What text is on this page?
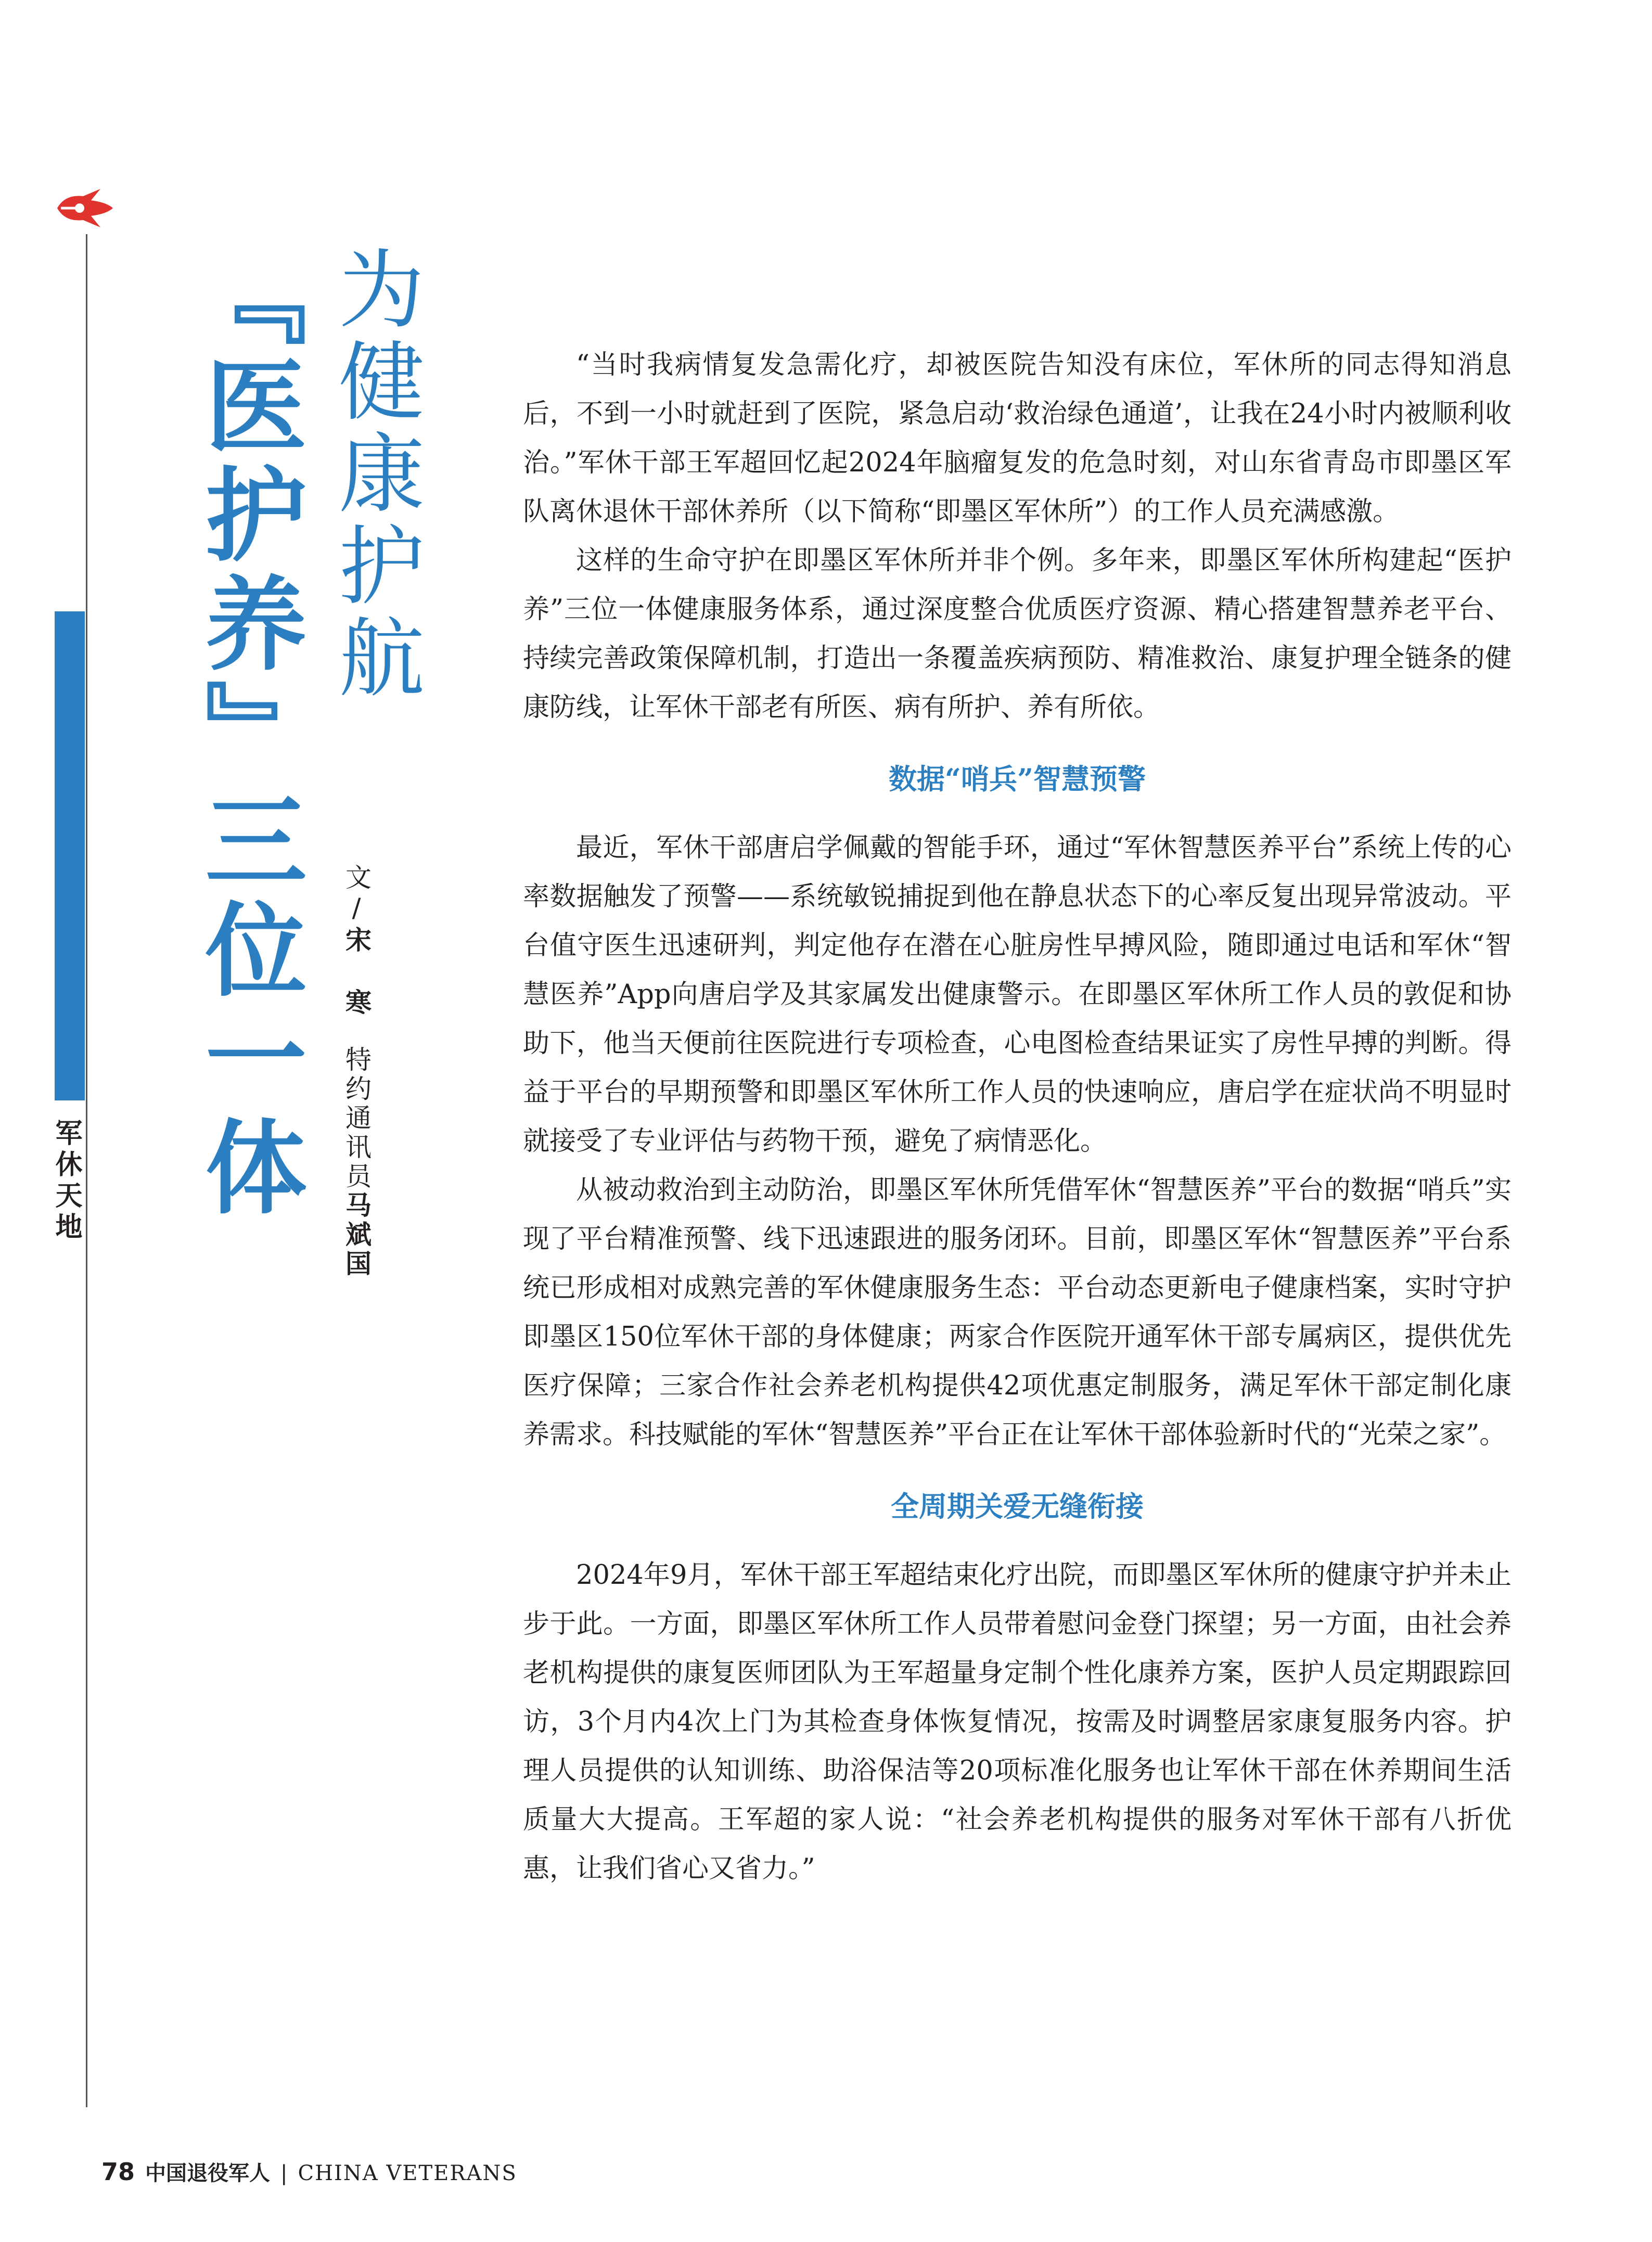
军休天地 『医护养』三位一体 为健康护航
文/宋 寒
特约通讯员马斌国

“当时我病情复发急需化疗，却被医院告知没有床位，军休所的同志得知消息后，不到一小时就赶到了医院，紧急启动‘救治绿色通道’，让我在24小时内被顺利收治。”军休干部王军超回忆起2024年脑瘤复发的危急时刻，对山东省青岛市即墨区军队离休退休干部休养所（以下简称“即墨区军休所”）的工作人员充满感激。

这样的生命守护在即墨区军休所并非个例。多年来，即墨区军休所构建起“医护养”三位一体健康服务体系，通过深度整合优质医疗资源、精心搭建智慧养老平台、持续完善政策保障机制，打造出一条覆盖疾病预防、精准救治、康复护理全链条的健康防线，让军休干部老有所医、病有所护、养有所依。

数据“哨兵”智慧预警

最近，军休干部唐启学佩戴的智能手环，通过“军休智慧医养平台”系统上传的心率数据触发了预警——系统敏锐捕捉到他在静息状态下的心率反复出现异常波动。平台值守医生迅速研判，判定他存在潜在心脏房性早搏风险，随即通过电话和军休“智慧医养”App向唐启学及其家属发出健康警示。在即墨区军休所工作人员的敦促和协助下，他当天便前往医院进行专项检查，心电图检查结果证实了房性早搏的判断。得益于平台的早期预警和即墨区军休所工作人员的快速响应，唐启学在症状尚不明显时就接受了专业评估与药物干预，避免了病情恶化。

从被动救治到主动防治，即墨区军休所凭借军休“智慧医养”平台的数据“哨兵”实现了平台精准预警、线下迅速跟进的服务闭环。目前，即墨区军休“智慧医养”平台系统已形成相对成熟完善的军休健康服务生态：平台动态更新电子健康档案，实时守护即墨区150位军休干部的身体健康；两家合作医院开通军休干部专属病区，提供优先医疗保障；三家合作社会养老机构提供42项优惠定制服务，满足军休干部定制化康养需求。科技赋能的军休“智慧医养”平台正在让军休干部体验新时代的“光荣之家”。

全周期关爱无缝衔接

2024年9月，军休干部王军超结束化疗出院，而即墨区军休所的健康守护并未止步于此。一方面，即墨区军休所工作人员带着慰问金登门探望；另一方面，由社会养老机构提供的康复医师团队为王军超量身定制个性化康养方案，医护人员定期跟踪回访，3个月内4次上门为其检查身体恢复情况，按需及时调整居家康复服务内容。护理人员提供的认知训练、助浴保洁等20项标准化服务也让军休干部在休养期间生活质量大大提高。王军超的家人说：“社会养老机构提供的服务对军休干部有八折优惠，让我们省心又省力。”

78 中国退役军人 | CHINA VETERANS
